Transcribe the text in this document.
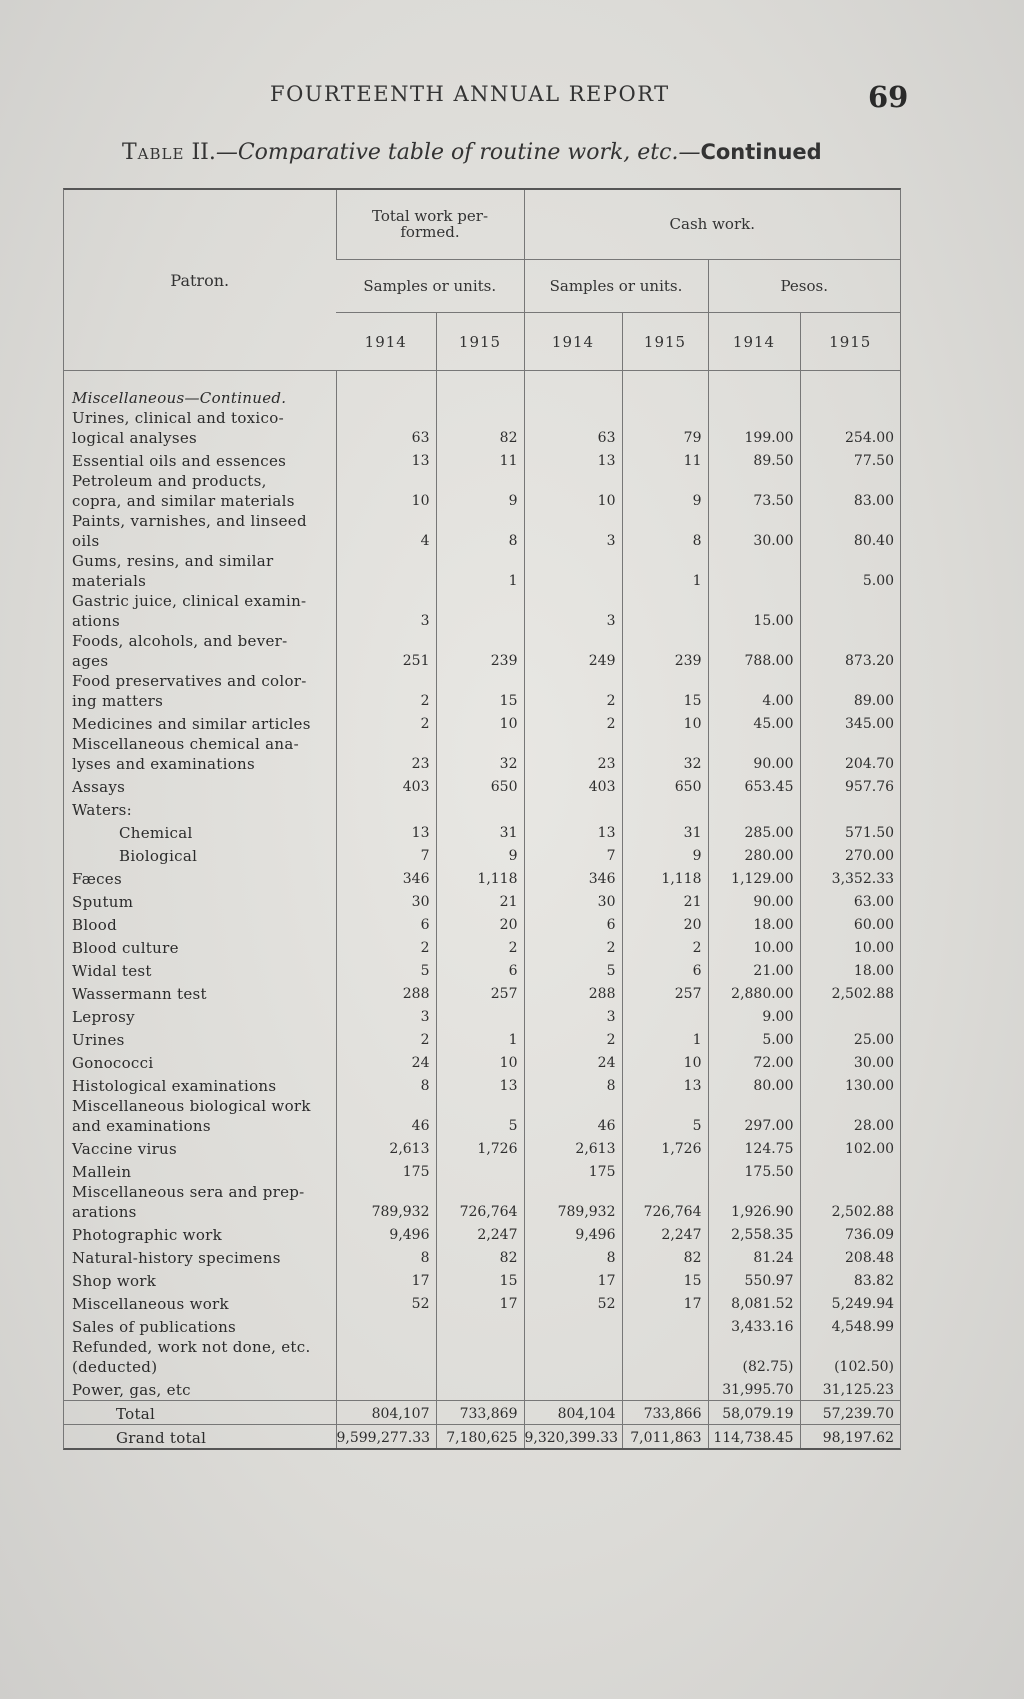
FOURTEENTH ANNUAL REPORT	69
Table II.—Comparative table of routine work, etc.—Continued
Patron.	Total work per-
formed.		Cash work.			
	Samples or units.		Samples or units.		Pesos.	
	1914	1915	1914	1915	1914	1915
Miscellaneous—Continued.						
Urines, clinical and toxico-
logical analyses	63	82	63	79	199.00	254.00
Essential oils and essences	13	11	13	11	89.50	77.50
Petroleum and products,
copra, and similar materials	10	9	10	9	73.50	83.00
Paints, varnishes, and linseed
oils	4	8	3	8	30.00	80.40
Gums, resins, and similar
materials		1		1		5.00
Gastric juice, clinical examin-
ations	3		3		15.00	
Foods, alcohols, and bever-
ages	251	239	249	239	788.00	873.20
Food preservatives and color-
ing matters	2	15	2	15	4.00	89.00
Medicines and similar articles	2	10	2	10	45.00	345.00
Miscellaneous chemical ana-
lyses and examinations	23	32	23	32	90.00	204.70
Assays	403	650	403	650	653.45	957.76
Waters:						
Chemical	13	31	13	31	285.00	571.50
Biological	7	9	7	9	280.00	270.00
Fæces	346	1,118	346	1,118	1,129.00	3,352.33
Sputum	30	21	30	21	90.00	63.00
Blood	6	20	6	20	18.00	60.00
Blood culture	2	2	2	2	10.00	10.00
Widal test	5	6	5	6	21.00	18.00
Wassermann test	288	257	288	257	2,880.00	2,502.88
Leprosy	3		3		9.00	
Urines	2	1	2	1	5.00	25.00
Gonococci	24	10	24	10	72.00	30.00
Histological examinations	8	13	8	13	80.00	130.00
Miscellaneous biological work
and examinations	46	5	46	5	297.00	28.00
Vaccine virus	2,613	1,726	2,613	1,726	124.75	102.00
Mallein	175		175		175.50	
Miscellaneous sera and prep-
arations	789,932	726,764	789,932	726,764	1,926.90	2,502.88
Photographic work	9,496	2,247	9,496	2,247	2,558.35	736.09
Natural-history specimens	8	82	8	82	81.24	208.48
Shop work	17	15	17	15	550.97	83.82
Miscellaneous work	52	17	52	17	8,081.52	5,249.94
Sales of publications					3,433.16	4,548.99
Refunded, work not done, etc.
(deducted)					(82.75)	(102.50)
Power, gas, etc					31,995.70	31,125.23
Total	804,107	733,869	804,104	733,866	58,079.19	57,239.70
Grand total	9,599,277.33	7,180,625	9,320,399.33	7,011,863	114,738.45	98,197.62
